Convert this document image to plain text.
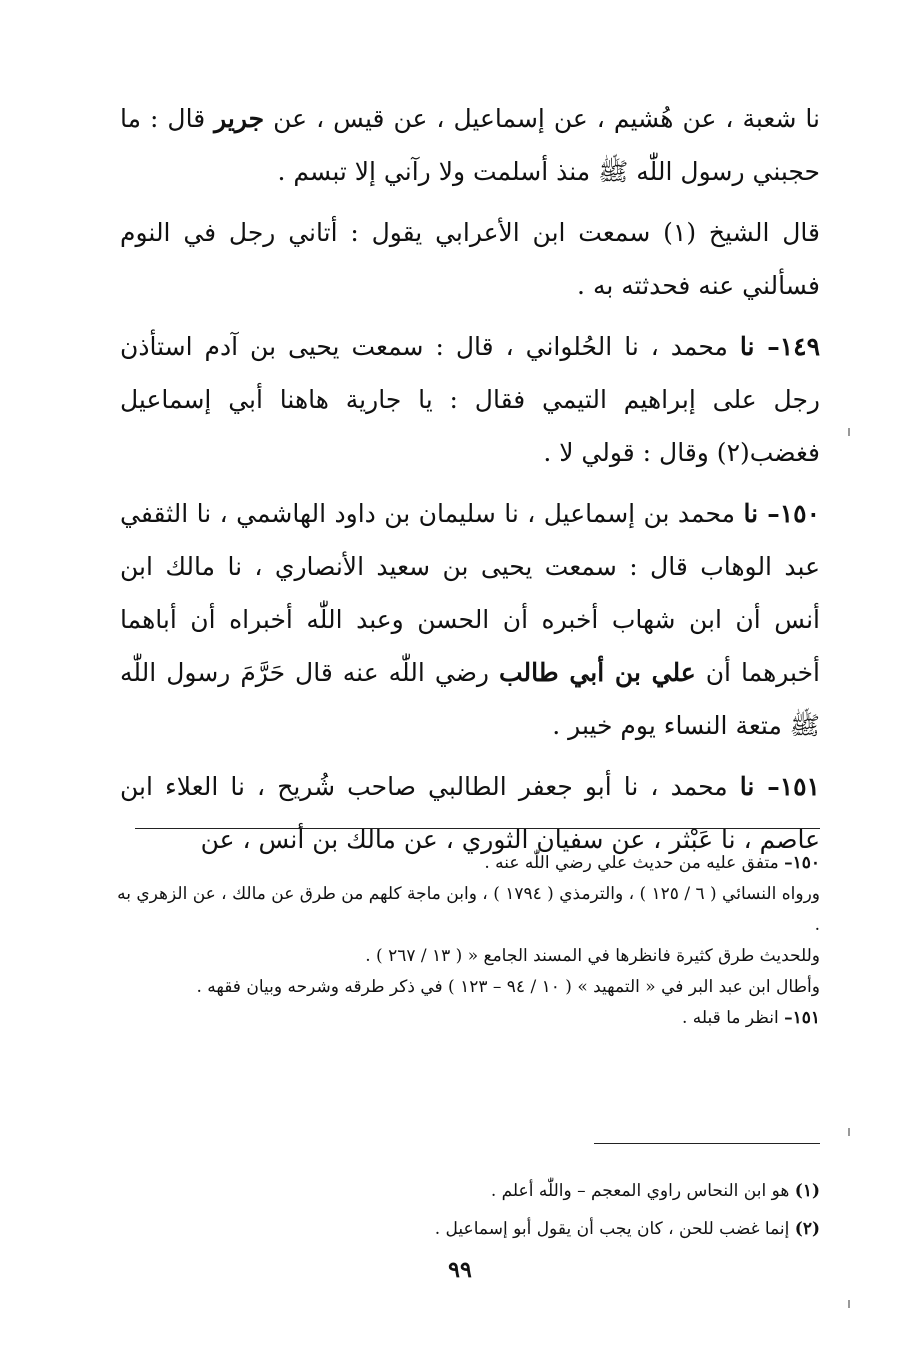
نا شعبة ، عن هُشيم ، عن إسماعيل ، عن قيس ، عن جرير قال : ما حجبني رسول اللّٰه ﷺ منذ أسلمت ولا رآني إلا تبسم .

قال الشيخ (١) سمعت ابن الأعرابي يقول : أتاني رجل في النوم فسألني عنه فحدثته به .

١٤٩– نا محمد ، نا الحُلواني ، قال : سمعت يحيى بن آدم استأذن رجل على إبراهيم التيمي فقال : يا جارية هاهنا أبي إسماعيل فغضب(٢) وقال : قولي لا .

١٥٠– نا محمد بن إسماعيل ، نا سليمان بن داود الهاشمي ، نا الثقفي عبد الوهاب قال : سمعت يحيى بن سعيد الأنصاري ، نا مالك ابن أنس أن ابن شهاب أخبره أن الحسن وعبد اللّٰه أخبراه أن أباهما أخبرهما أن علي بن أبي طالب رضي اللّٰه عنه قال حَرَّمَ رسول اللّٰه ﷺ متعة النساء يوم خيبر .

١٥١– نا محمد ، نا أبو جعفر الطالبي صاحب شُريح ، نا العلاء ابن عاصم ، نا عَبْثر ، عن سفيان الثوري ، عن مالك بن أنس ، عن

١٥٠– متفق عليه من حديث علي رضي اللّٰه عنه .

ورواه النسائي ( ٦ / ١٢٥ ) ، والترمذي ( ١٧٩٤ ) ، وابن ماجة كلهم من طرق عن مالك ، عن الزهري به .

وللحديث طرق كثيرة فانظرها في المسند الجامع « ( ١٣ / ٢٦٧ ) .

وأطال ابن عبد البر في « التمهيد » ( ١٠ / ٩٤ – ١٢٣ ) في ذكر طرقه وشرحه وبيان فقهه .

١٥١– انظر ما قبله .

(١) هو ابن النحاس راوي المعجم – واللّٰه أعلم .

(٢) إنما غضب للحن ، كان يجب أن يقول أبو إسماعيل .

٩٩
